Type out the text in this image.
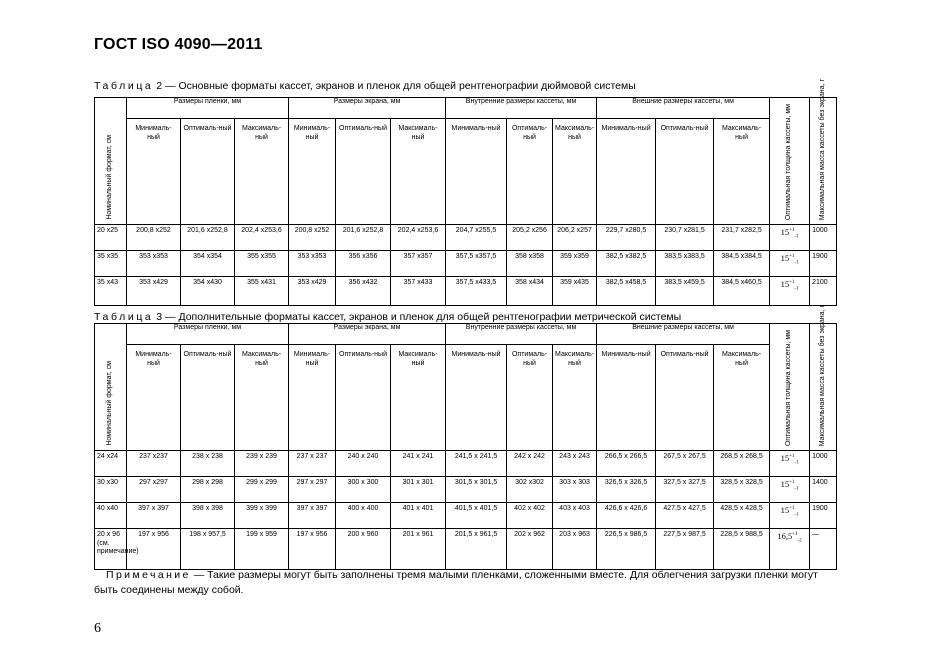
ГОСТ ISO 4090—2011
Таблица 2 — Основные форматы кассет, экранов и пленок для общей рентгенографии дюймовой системы
Номинальный формат, см	Размеры пленки, мм			Размеры экрана, мм			Внутренние размеры кассеты, мм			Внешние размеры кассеты, мм			Оптимальная толщина кассеты, мм	Максимальная масса кассеты без экрана, г

	Минималь-ный	Оптималь-ный	Максималь-ный	Минималь-ный	Оптималь-ный	Максималь-ный	Минималь-ный	Оптималь-ный	Максималь-ный	Минималь-ный	Оптималь-ный	Максималь-ный		
20 х25	200,8 х252	201,6 х252,8	202,4 х253,6	200,8 х252	201,6 х252,8	202,4 х253,6	204,7 х255,5	205,2 х256	206,2 х257	229,7 х280,5	230,7 х281,5	231,7 х282,5	$15^{+1}_{-1}$	1000
35 х35	353 х353	354 х354	355 х355	353 х353	356 х356	357 х357	357,5 х357,5	358 х358	359 х359	382,5 х382,5	383,5 х383,5	384,5 х384,5	$15^{+1}_{-1}$	1900
35 х43	353 х429	354 х430	355 х431	353 х429	356 х432	357 х433	357,5 х433,5	358 х434	359 х435	382,5 х458,5	383,5 х459,5	384,5 х460,5	$15^{+1}_{-1}$	2100
Таблица 3 — Дополнительные форматы кассет, экранов и пленок для общей рентгенографии метрической системы
Номинальный формат, см	Размеры пленки, мм			Размеры экрана, мм			Внутренние размеры кассеты, мм			Внешние размеры кассеты, мм			Оптимальная толщина кассеты, мм	Максимальная масса кассеты без экрана, г

	Минималь-ный	Оптималь-ный	Максималь-ный	Минималь-ный	Оптималь-ный	Максималь-ный	Минималь-ный	Оптималь-ный	Максималь-ный	Минималь-ный	Оптималь-ный	Максималь-ный		
24 х24	237 х237	238 х 238	239 х 239	237 х 237	240 х 240	241 х 241	241,5 х 241,5	242 х 242	243 х 243	266,5 х 266,5	267,5 х 267,5	268,5 х 268,5	$15^{+1}_{-1}$	1000
30 х30	297 х297	298 х 298	299 х 299	297 х 297	300 х 300	301 х 301	301,5 х 301,5	302 х302	303 х 303	326,5 х 326,5	327,5 х 327,5	328,5 х 328,5	$15^{+1}_{-1}$	1400
40 х40	397 х 397	398 х 398	399 х 399	397 х 397	400 х 400	401 х 401	401,5 х 401,5	402 х 402	403 х 403	426,6 х 426,6	427,5 х 427,5	428,5 х 428,5	$15^{+1}_{-1}$	1900
20 х 96 (см. примечание)	197 х 956	198 х 957,5	199 х 959	197 х 956	200 х 960	201 х 961	201,5 х 961,5	202 х 962	203 х 963	226,5 х 986,5	227,5 х 987,5	228,5 х 988,5	$16,5^{+1}_{-2}$	—
Примечание — Такие размеры могут быть заполнены тремя малыми пленками, сложенными вместе. Для облегчения загрузки пленки могут быть соединены между собой.
6
